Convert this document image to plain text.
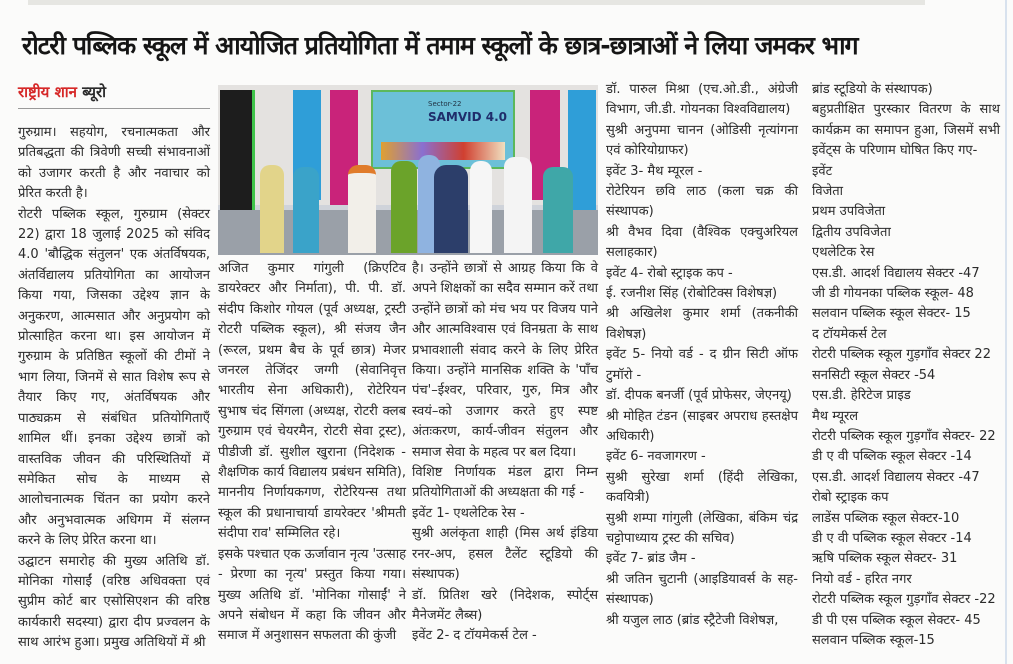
रोटरी पब्लिक स्कूल में आयोजित प्रतियोगिता में तमाम स्कूलों के छात्र-छात्राओं ने लिया जमकर भाग

राष्ट्रीय शान ब्यूरो

गुरुग्राम। सहयोग, रचनात्मकता और प्रतिबद्धता की त्रिवेणी सच्ची संभावनाओं को उजागर करती है और नवाचार को प्रेरित करती है।

रोटरी पब्लिक स्कूल, गुरुग्राम (सेक्टर 22) द्वारा 18 जुलाई 2025 को संविद 4.0 'बौद्धिक संतुलन' एक अंतर्विषयक, अंतर्विद्यालय प्रतियोगिता का आयोजन किया गया, जिसका उद्देश्य ज्ञान के अनुकरण, आत्मसात और अनुप्रयोग को प्रोत्साहित करना था। इस आयोजन में गुरुग्राम के प्रतिष्ठित स्कूलों की टीमों ने भाग लिया, जिनमें से सात विशेष रूप से तैयार किए गए, अंतर्विषयक और पाठ्यक्रम से संबंधित प्रतियोगिताएँ शामिल थीं। इनका उद्देश्य छात्रों को वास्तविक जीवन की परिस्थितियों में समेकित सोच के माध्यम से आलोचनात्मक चिंतन का प्रयोग करने और अनुभवात्मक अधिगम में संलग्न करने के लिए प्रेरित करना था।

उद्घाटन समारोह की मुख्य अतिथि डॉ. मोनिका गोसाईं (वरिष्ठ अधिवक्ता एवं सुप्रीम कोर्ट बार एसोसिएशन की वरिष्ठ कार्यकारी सदस्या) द्वारा दीप प्रज्वलन के साथ आरंभ हुआ। प्रमुख अतिथियों में श्री

Sector-22
SAMVID 4.0

अजित कुमार गांगुली (क्रिएटिव डायरेक्टर और निर्माता), पी. पी. डॉ. संदीप किशोर गोयल (पूर्व अध्यक्ष, ट्रस्टी रोटरी पब्लिक स्कूल), श्री संजय जैन (रूरल, प्रथम बैच के पूर्व छात्र) मेजर जनरल तेजिंदर जग्गी (सेवानिवृत्त भारतीय सेना अधिकारी), रोटेरियन सुभाष चंद सिंगला (अध्यक्ष, रोटरी क्लब गुरुग्राम एवं चेयरमैन, रोटरी सेवा ट्रस्ट), पीडीजी डॉ. सुशील खुराना (निदेशक - शैक्षणिक कार्य विद्यालय प्रबंधन समिति), माननीय निर्णायकगण, रोटेरियन्स तथा स्कूल की प्रधानाचार्या डायरेक्टर 'श्रीमती संदीपा राव' सम्मिलित रहे।

इसके पश्चात एक ऊर्जावान नृत्य 'उत्साह - प्रेरणा का नृत्य' प्रस्तुत किया गया। मुख्य अतिथि डॉ. 'मोनिका गोसाईं' ने अपने संबोधन में कहा कि जीवन और समाज में अनुशासन सफलता की कुंजी

है। उन्होंने छात्रों से आग्रह किया कि वे अपने शिक्षकों का सदैव सम्मान करें तथा उन्होंने छात्रों को मंच भय पर विजय पाने और आत्मविश्वास एवं विनम्रता के साथ प्रभावशाली संवाद करने के लिए प्रेरित किया। उन्होंने मानसिक शक्ति के 'पाँच पंच'–ईश्वर, परिवार, गुरु, मित्र और स्वयं–को उजागर करते हुए स्पष्ट अंतःकरण, कार्य-जीवन संतुलन और समाज सेवा के महत्व पर बल दिया।

विशिष्ट निर्णायक मंडल द्वारा निम्न प्रतियोगिताओं की अध्यक्षता की गई -

इवेंट 1- एथलेटिक रेस -

सुश्री अलंकृता शाही (मिस अर्थ इंडिया रनर-अप, हसल टैलेंट स्टूडियो की संस्थापक)

डॉ. प्रितिश खरे (निदेशक, स्पोर्ट्स मैनेजमेंट लैब्स)

इवेंट 2- द टॉयमेकर्स टेल -

डॉ. पारुल मिश्रा (एच.ओ.डी., अंग्रेजी विभाग, जी.डी. गोयनका विश्वविद्यालय)

सुश्री अनुपमा चानन (ओडिसी नृत्यांगना एवं कोरियोग्राफर)

इवेंट 3- मैथ म्यूरल -

रोटेरियन छवि लाठ (कला चक्र की संस्थापक)

श्री वैभव दिवा (वैश्विक एक्चुअरियल सलाहकार)

इवेंट 4- रोबो स्ट्राइक कप -

ई. रजनीश सिंह (रोबोटिक्स विशेषज्ञ)

श्री अखिलेश कुमार शर्मा (तकनीकी विशेषज्ञ)

इवेंट 5- नियो वर्ड - द ग्रीन सिटी ऑफ टुमॉरो -

डॉ. दीपक बनर्जी (पूर्व प्रोफेसर, जेएनयू)

श्री मोहित टंडन (साइबर अपराध हस्तक्षेप अधिकारी)

इवेंट 6- नवजागरण -

सुश्री सुरेखा शर्मा (हिंदी लेखिका, कवयित्री)

सुश्री शम्पा गांगुली (लेखिका, बंकिम चंद्र चट्टोपाध्याय ट्रस्ट की सचिव)

इवेंट 7- ब्रांड जैम -

श्री जतिन चुटानी (आइडियावर्स के सह-संस्थापक)

श्री यजुल लाठ (ब्रांड स्ट्रैटेजी विशेषज्ञ,

ब्रांड स्टूडियो के संस्थापक)

बहुप्रतीक्षित पुरस्कार वितरण के साथ कार्यक्रम का समापन हुआ, जिसमें सभी इवेंट्स के परिणाम घोषित किए गए-

इवेंट

विजेता

प्रथम उपविजेता

द्वितीय उपविजेता

एथलेटिक रेस

एस.डी. आदर्श विद्यालय सेक्टर -47

जी डी गोयनका पब्लिक स्कूल- 48

सलवान पब्लिक स्कूल सेक्टर- 15

द टॉयमेकर्स टेल

रोटरी पब्लिक स्कूल गुड़गाँव सेक्टर 22

सनसिटी स्कूल सेक्टर -54

एस.डी. हेरिटेज प्राइड

मैथ म्यूरल

रोटरी पब्लिक स्कूल गुड़गाँव सेक्टर- 22

डी ए वी पब्लिक स्कूल सेक्टर -14

एस.डी. आदर्श विद्यालय सेक्टर -47

रोबो स्ट्राइक कप

लाडेंस पब्लिक स्कूल सेक्टर-10

डी ए वी पब्लिक स्कूल सेक्टर -14

ऋषि पब्लिक स्कूल सेक्टर- 31

नियो वर्ड - हरित नगर

रोटरी पब्लिक स्कूल गुड़गाँव सेक्टर -22

डी पी एस पब्लिक स्कूल सेक्टर- 45

सलवान पब्लिक स्कूल-15
